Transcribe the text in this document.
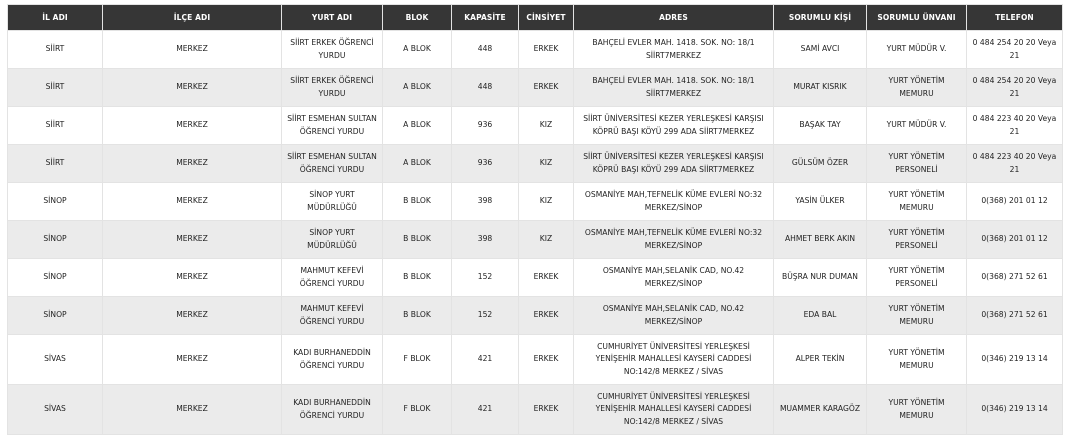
İL ADI	İLÇE ADI	YURT ADI	BLOK	KAPASİTE	CİNSİYET	ADRES	SORUMLU KİŞİ	SORUMLU ÜNVANI	TELEFON
SİİRT	MERKEZ	SİİRT ERKEK ÖĞRENCİ YURDU	A BLOK	448	ERKEK	BAHÇELİ EVLER MAH. 1418. SOK. NO: 18/1 SİİRT7MERKEZ	SAMİ AVCI	YURT MÜDÜR V.	0 484 254 20 20 Veya 21
SİİRT	MERKEZ	SİİRT ERKEK ÖĞRENCİ YURDU	A BLOK	448	ERKEK	BAHÇELİ EVLER MAH. 1418. SOK. NO: 18/1 SİİRT7MERKEZ	MURAT KISRIK	YURT YÖNETİM MEMURU	0 484 254 20 20 Veya 21
SİİRT	MERKEZ	SİİRT ESMEHAN SULTAN ÖĞRENCİ YURDU	A BLOK	936	KIZ	SİİRT ÜNİVERSİTESİ KEZER YERLEŞKESİ KARŞISI KÖPRÜ BAŞI KÖYÜ 299 ADA SİİRT7MERKEZ	BAŞAK TAY	YURT MÜDÜR V.	0 484 223 40 20 Veya 21
SİİRT	MERKEZ	SİİRT ESMEHAN SULTAN ÖĞRENCİ YURDU	A BLOK	936	KIZ	SİİRT ÜNİVERSİTESİ KEZER YERLEŞKESİ KARŞISI KÖPRÜ BAŞI KÖYÜ 299 ADA SİİRT7MERKEZ	GÜLSÜM ÖZER	YURT YÖNETİM PERSONELİ	0 484 223 40 20 Veya 21
SİNOP	MERKEZ	SİNOP YURT MÜDÜRLÜĞÜ	B BLOK	398	KIZ	OSMANİYE MAH,TEFNELİK KÜME EVLERİ NO:32 MERKEZ/SİNOP	YASİN ÜLKER	YURT YÖNETİM MEMURU	0(368) 201 01 12
SİNOP	MERKEZ	SİNOP YURT MÜDÜRLÜĞÜ	B BLOK	398	KIZ	OSMANİYE MAH,TEFNELİK KÜME EVLERİ NO:32 MERKEZ/SİNOP	AHMET BERK AKIN	YURT YÖNETİM PERSONELİ	0(368) 201 01 12
SİNOP	MERKEZ	MAHMUT KEFEVİ ÖĞRENCİ YURDU	B BLOK	152	ERKEK	OSMANİYE MAH,SELANİK CAD, NO.42 MERKEZ/SİNOP	BÜŞRA NUR DUMAN	YURT YÖNETİM PERSONELİ	0(368) 271 52 61
SİNOP	MERKEZ	MAHMUT KEFEVİ ÖĞRENCİ YURDU	B BLOK	152	ERKEK	OSMANİYE MAH,SELANİK CAD, NO.42 MERKEZ/SİNOP	EDA BAL	YURT YÖNETİM MEMURU	0(368) 271 52 61
SİVAS	MERKEZ	KADI BURHANEDDİN ÖĞRENCİ YURDU	F BLOK	421	ERKEK	CUMHURİYET ÜNİVERSİTESİ YERLEŞKESİ YENİŞEHİR MAHALLESİ KAYSERİ CADDESİ NO:142/8 MERKEZ / SİVAS	ALPER TEKİN	YURT YÖNETİM MEMURU	0(346) 219 13 14
SİVAS	MERKEZ	KADI BURHANEDDİN ÖĞRENCİ YURDU	F BLOK	421	ERKEK	CUMHURİYET ÜNİVERSİTESİ YERLEŞKESİ YENİŞEHİR MAHALLESİ KAYSERİ CADDESİ NO:142/8 MERKEZ / SİVAS	MUAMMER KARAGÖZ	YURT YÖNETİM MEMURU	0(346) 219 13 14
